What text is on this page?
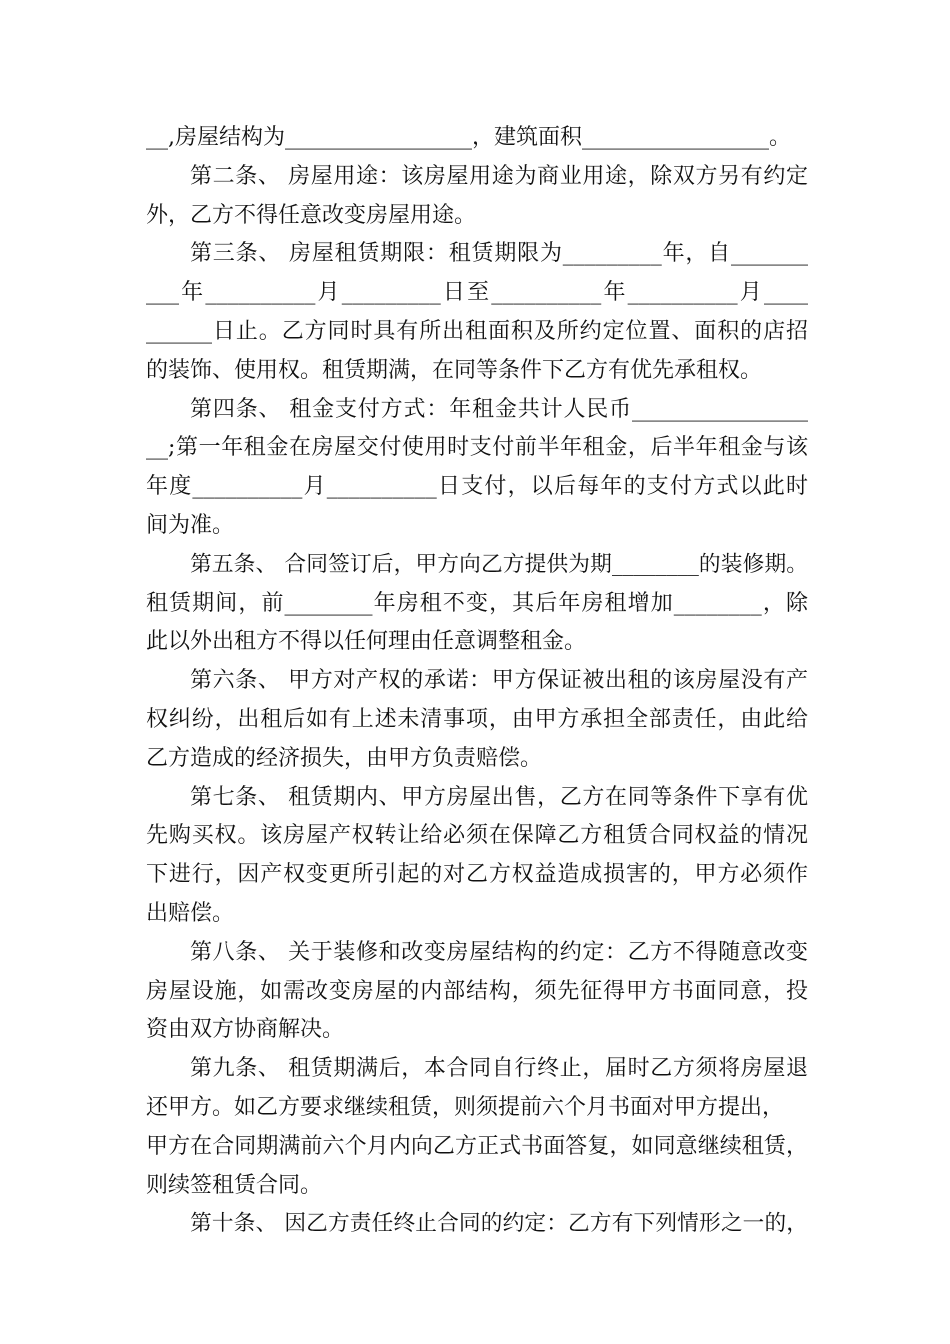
__,房屋结构为_________________，建筑面积_________________。
第二条、 房屋用途：该房屋用途为商业用途，除双方另有约定
外，乙方不得任意改变房屋用途。
第三条、 房屋租赁期限：租赁期限为_________年，自_______
___年__________月_________日至__________年__________月____
______日止。乙方同时具有所出租面积及所约定位置、面积的店招
的装饰、使用权。租赁期满，在同等条件下乙方有优先承租权。
第四条、 租金支付方式：年租金共计人民币________________
__;第一年租金在房屋交付使用时支付前半年租金，后半年租金与该
年度__________月__________日支付，以后每年的支付方式以此时
间为准。
第五条、 合同签订后，甲方向乙方提供为期________的装修期。
租赁期间，前________年房租不变，其后年房租增加________，除
此以外出租方不得以任何理由任意调整租金。
第六条、 甲方对产权的承诺：甲方保证被出租的该房屋没有产
权纠纷，出租后如有上述未清事项，由甲方承担全部责任，由此给
乙方造成的经济损失，由甲方负责赔偿。
第七条、 租赁期内、甲方房屋出售，乙方在同等条件下享有优
先购买权。该房屋产权转让给必须在保障乙方租赁合同权益的情况
下进行，因产权变更所引起的对乙方权益造成损害的，甲方必须作
出赔偿。
第八条、 关于装修和改变房屋结构的约定：乙方不得随意改变
房屋设施，如需改变房屋的内部结构，须先征得甲方书面同意，投
资由双方协商解决。
第九条、 租赁期满后，本合同自行终止，届时乙方须将房屋退
还甲方。如乙方要求继续租赁，则须提前六个月书面对甲方提出，
甲方在合同期满前六个月内向乙方正式书面答复，如同意继续租赁，
则续签租赁合同。
第十条、 因乙方责任终止合同的约定：乙方有下列情形之一的，
